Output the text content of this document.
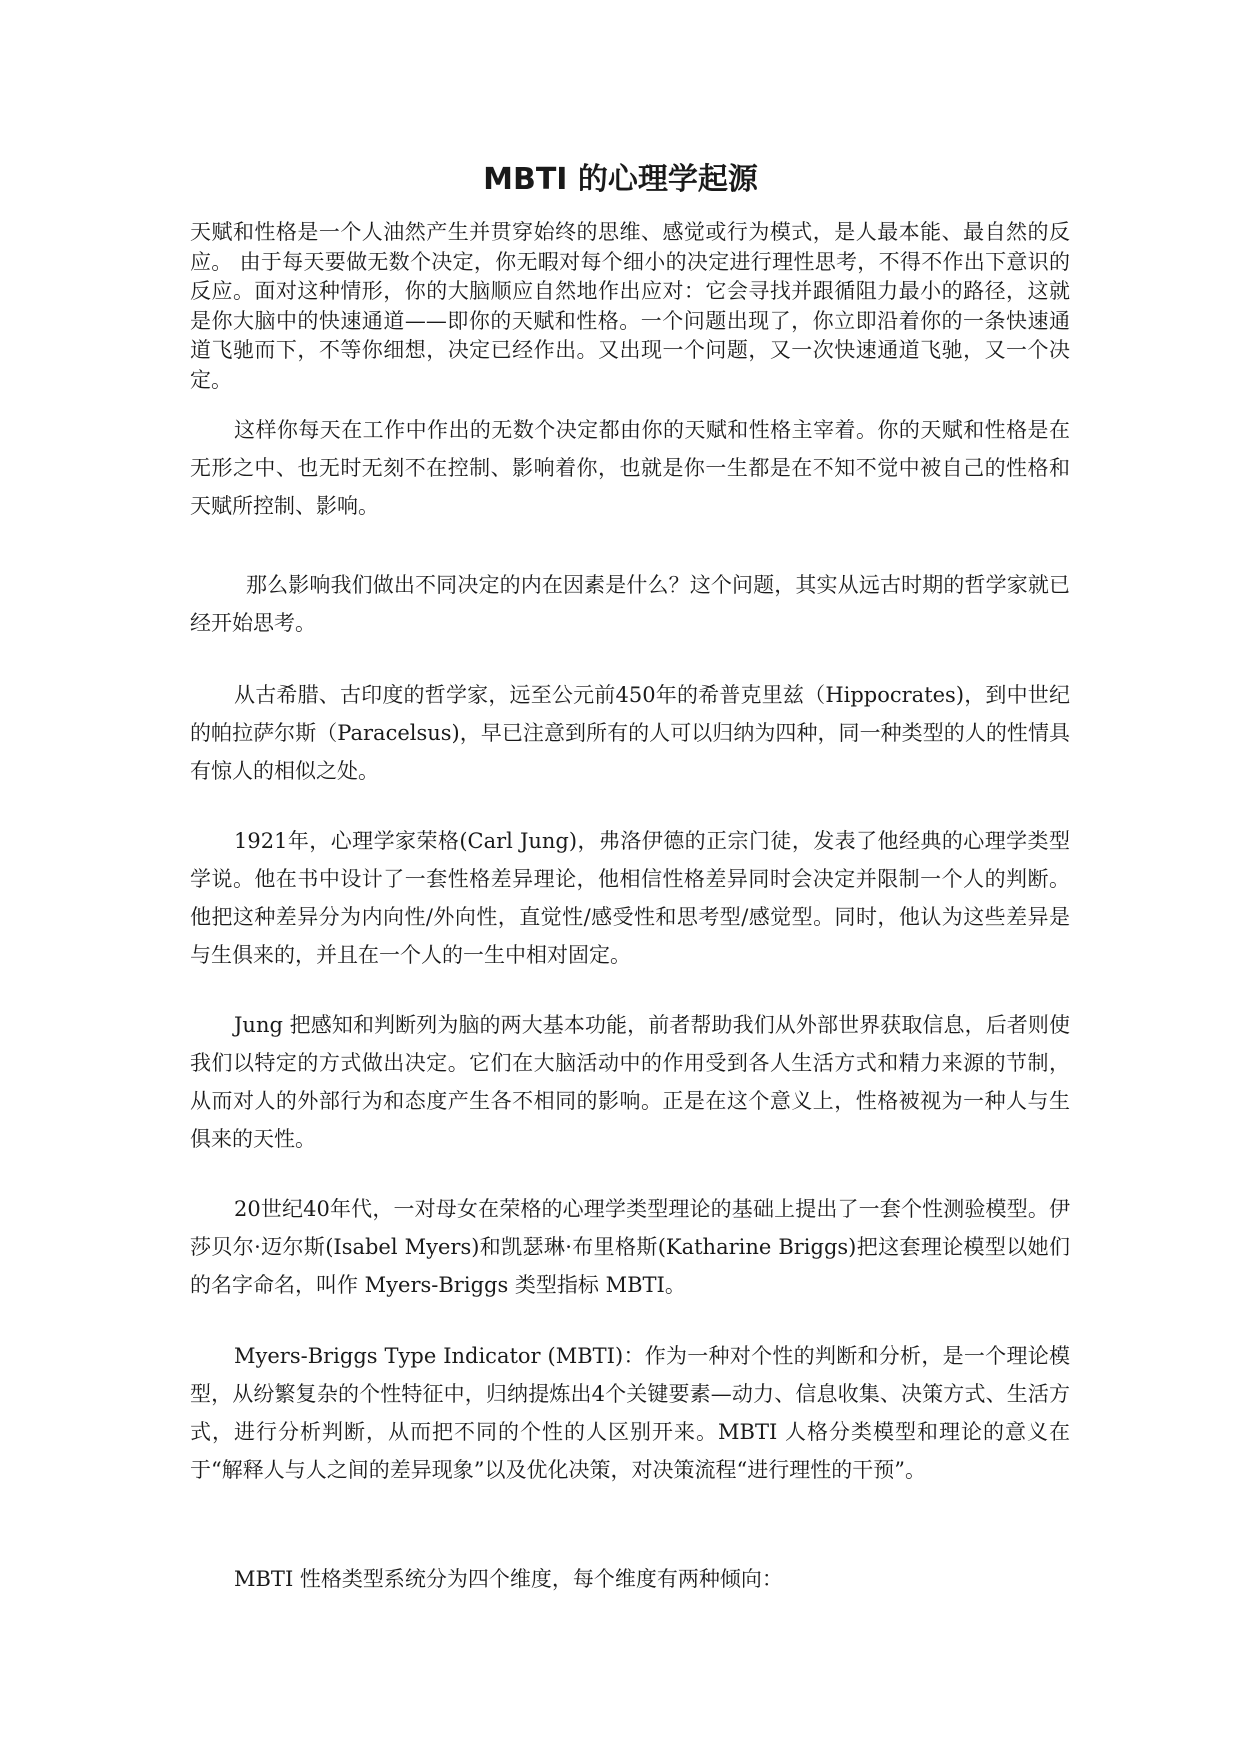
MBTI 的心理学起源

天赋和性格是一个人油然产生并贯穿始终的思维、感觉或行为模式，是人最本能、最自然的反应。 由于每天要做无数个决定，你无暇对每个细小的决定进行理性思考，不得不作出下意识的反应。面对这种情形，你的大脑顺应自然地作出应对：它会寻找并跟循阻力最小的路径，这就是你大脑中的快速通道——即你的天赋和性格。一个问题出现了，你立即沿着你的一条快速通道飞驰而下，不等你细想，决定已经作出。又出现一个问题，又一次快速通道飞驰，又一个决定。

这样你每天在工作中作出的无数个决定都由你的天赋和性格主宰着。你的天赋和性格是在无形之中、也无时无刻不在控制、影响着你，也就是你一生都是在不知不觉中被自己的性格和天赋所控制、影响。

那么影响我们做出不同决定的内在因素是什么？这个问题，其实从远古时期的哲学家就已经开始思考。

从古希腊、古印度的哲学家，远至公元前450年的希普克里兹（Hippocrates)，到中世纪的帕拉萨尔斯（Paracelsus)，早已注意到所有的人可以归纳为四种，同一种类型的人的性情具有惊人的相似之处。

1921年，心理学家荣格(Carl Jung)，弗洛伊德的正宗门徒，发表了他经典的心理学类型学说。他在书中设计了一套性格差异理论，他相信性格差异同时会决定并限制一个人的判断。他把这种差异分为内向性/外向性，直觉性/感受性和思考型/感觉型。同时，他认为这些差异是与生俱来的，并且在一个人的一生中相对固定。

Jung 把感知和判断列为脑的两大基本功能，前者帮助我们从外部世界获取信息，后者则使我们以特定的方式做出决定。它们在大脑活动中的作用受到各人生活方式和精力来源的节制，从而对人的外部行为和态度产生各不相同的影响。正是在这个意义上，性格被视为一种人与生俱来的天性。

20世纪40年代，一对母女在荣格的心理学类型理论的基础上提出了一套个性测验模型。伊莎贝尔·迈尔斯(Isabel Myers)和凯瑟琳·布里格斯(Katharine Briggs)把这套理论模型以她们的名字命名，叫作 Myers-Briggs 类型指标 MBTI。

Myers-Briggs Type Indicator (MBTI)：作为一种对个性的判断和分析，是一个理论模型，从纷繁复杂的个性特征中，归纳提炼出4个关键要素—动力、信息收集、决策方式、生活方式，进行分析判断，从而把不同的个性的人区别开来。MBTI 人格分类模型和理论的意义在于“解释人与人之间的差异现象”以及优化决策，对决策流程“进行理性的干预”。

MBTI 性格类型系统分为四个维度，每个维度有两种倾向：
